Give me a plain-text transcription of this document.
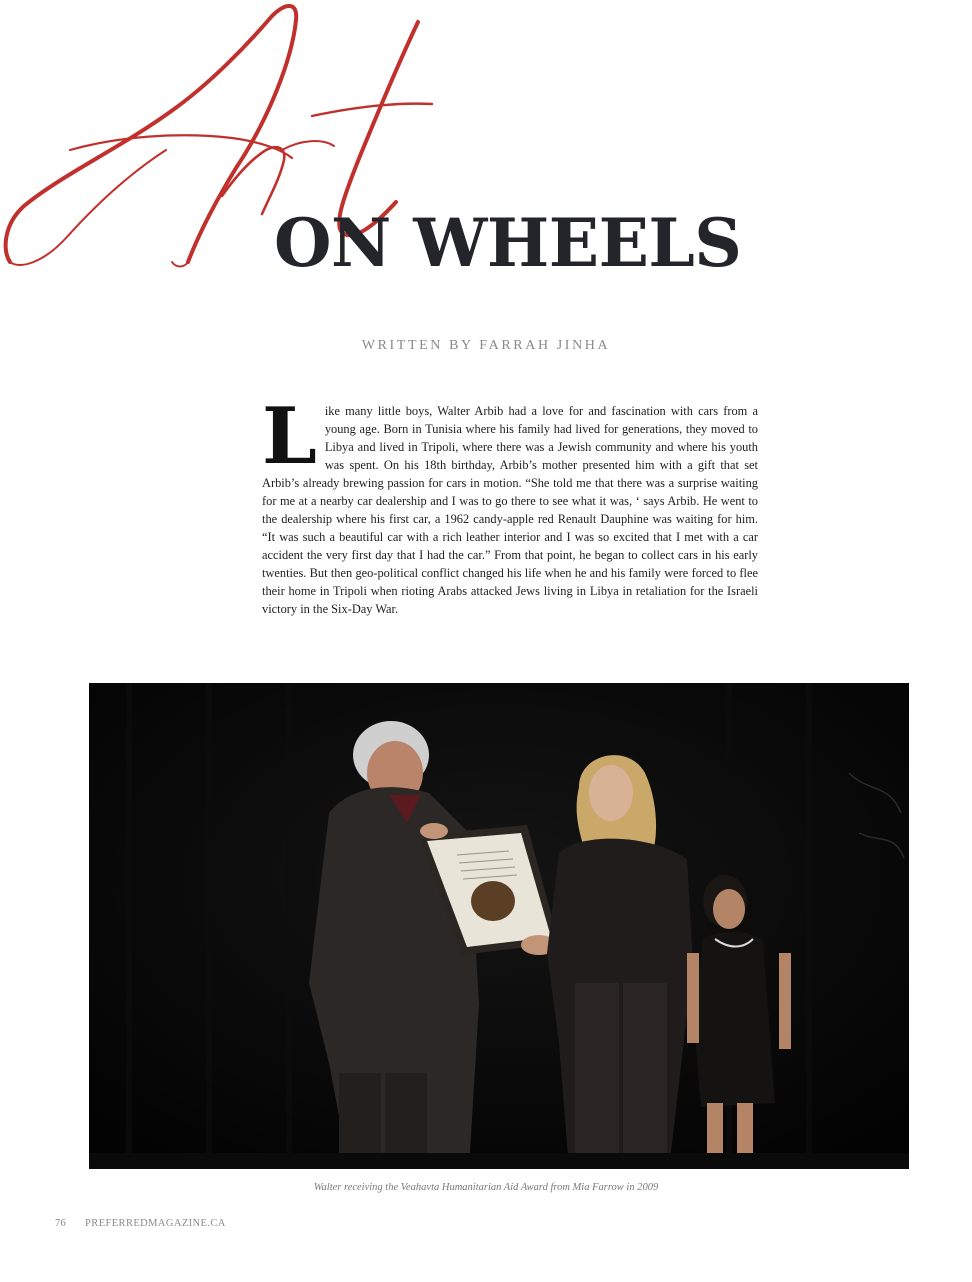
ON WHEELS
WRITTEN BY FARRAH JINHA
Like many little boys, Walter Arbib had a love for and fascination with cars from a young age. Born in Tunisia where his family had lived for generations, they moved to Libya and lived in Tripoli, where there was a Jewish community and where his youth was spent. On his 18th birthday, Arbib’s mother presented him with a gift that set Arbib’s already brewing passion for cars in motion. “She told me that there was a surprise waiting for me at a nearby car dealership and I was to go there to see what it was, ‘ says Arbib. He went to the dealership where his first car, a 1962 candy-apple red Renault Dauphine was waiting for him. “It was such a beautiful car with a rich leather interior and I was so excited that I met with a car accident the very first day that I had the car.” From that point, he began to collect cars in his early twenties. But then geo-political conflict changed his life when he and his family were forced to flee their home in Tripoli when rioting Arabs attacked Jews living in Libya in retaliation for the Israeli victory in the Six-Day War.
Walter receiving the Veahavta Humanitarian Aid Award from Mia Farrow in 2009
76 PREFERREDMAGAZINE.CA
